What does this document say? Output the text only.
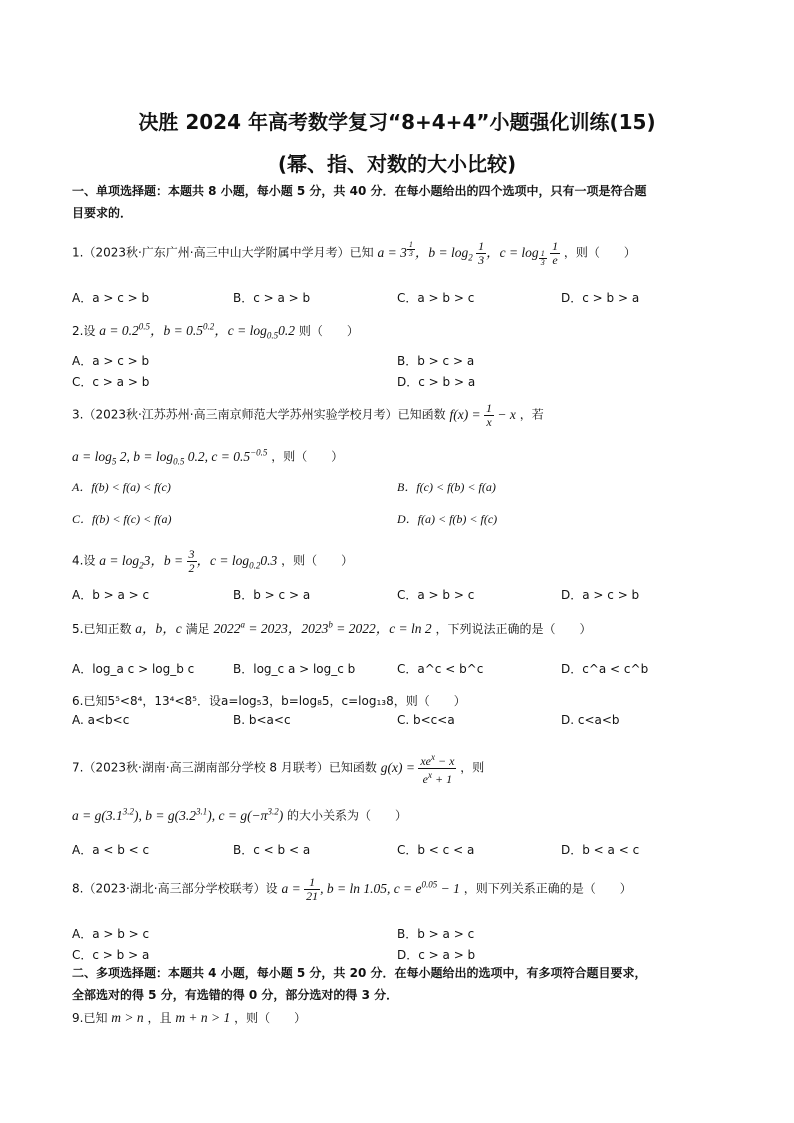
决胜 2024 年高考数学复习“8+4+4”小题强化训练(15)
(幂、指、对数的大小比较)
一、单项选择题：本题共 8 小题，每小题 5 分，共 40 分．在每小题给出的四个选项中，只有一项是符合题
目要求的．
1.（2023秋·广东广州·高三中山大学附属中学月考）已知 a = 3 $^{\frac{1}{3}}$ ，$b = \log_2 \frac{1}{3}$ ，c = log $_{\frac{1}{3}}$
$\frac{1}{e}$ ，则（　　）
A．a > c > b	B．c > a > b	C．a > b > c	D．c > b > a
2.设 $a = 0.2^{0.5}$，$b = 0.5^{0.2}$，$c = \log_{0.5}0.2$ 则（　　）
A．a > c > b	B．b > c > a
C．c > a > b	D．c > b > a
3.（2023秋·江苏苏州·高三南京师范大学苏州实验学校月考）已知函数 $f(x) = \frac{1}{x} - x$ ，若
$a = \log_5 2$, $b = \log_{0.5} 0.2$, $c = 0.5^{-0.5}$ ，则（　　）
A．f(b) < f(a) < f(c)	B．f(c) < f(b) < f(a)
C．f(b) < f(c) < f(a)	D．f(a) < f(b) < f(c)
4.设 $a = \log_23$，$b = \frac{3}{2}$ ，$c = \log_{0.2}0.3$ ，则（　　）
A．b > a > c	B．b > c > a	C．a > b > c	D．a > c > b
5.已知正数 a，b，c 满足 $2022^a = 2023$，$2023^b = 2022$，c = ln 2 ，下列说法正确的是（　　）
A．log_a c > log_b c	B．log_c a > log_c b	C．a^c < b^c	D．c^a < c^b
6.已知5⁵<8⁴，13⁴<8⁵．设a=log₅3，b=log₈5，c=log₁₃8，则（　　）
A. a<b<c	B. b<a<c	C. b<c<a	D. c<a<b
7.（2023秋·湖南·高三湖南部分学校 8 月联考）已知函数 $g(x) = \frac{xe^x - x}{e^x + 1}$ ，则
$a = g(3.1^{3.2})$, $b = g(3.2^{3.1})$, $c = g(-\pi^{3.2})$ 的大小关系为（　　）
A．a < b < c	B．c < b < a	C．b < c < a	D．b < a < c
8.（2023·湖北·高三部分学校联考）设 $a = \frac{1}{21}$ , b = ln 1.05, $c = e^{0.05} - 1$ ，则下列关系正确的是（　　）
A．a > b > c	B．b > a > c
C．c > b > a	D．c > a > b
二、多项选择题：本题共 4 小题，每小题 5 分，共 20 分．在每小题给出的选项中，有多项符合题目要求，
全部选对的得 5 分，有选错的得 0 分，部分选对的得 3 分．
9.已知 m > n ，且 m + n > 1 ，则（　　）
